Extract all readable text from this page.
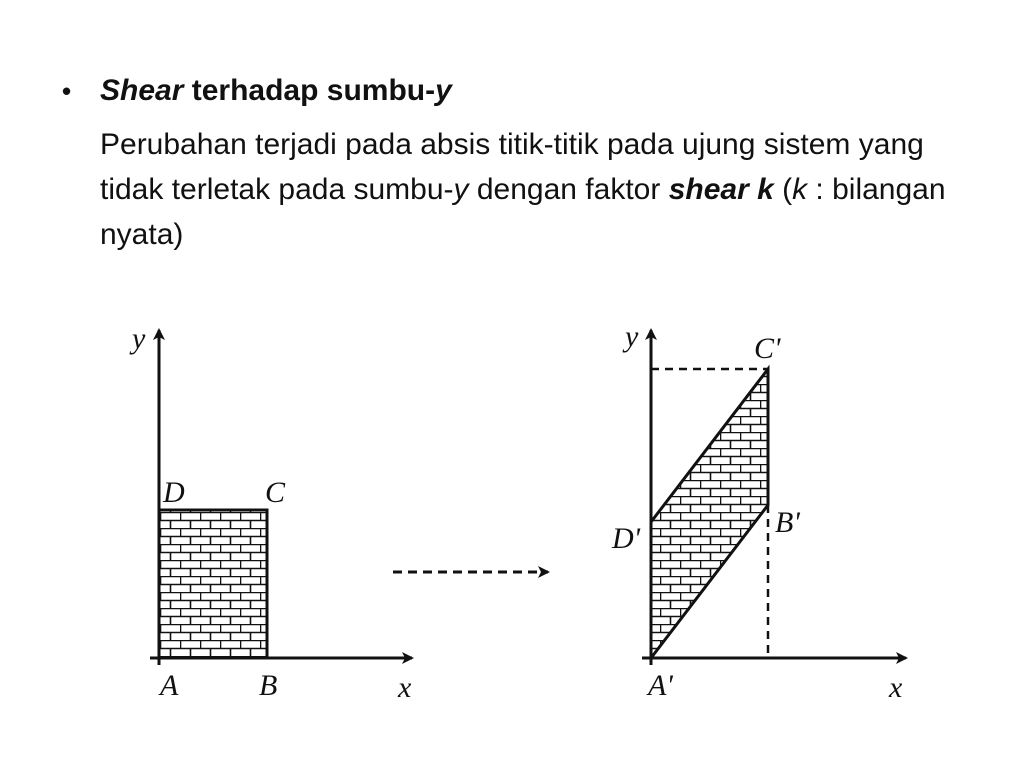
• Shear terhadap sumbu-y
Perubahan terjadi pada absis titik-titik pada ujung sistem yang tidak terletak pada sumbu-y dengan faktor shear k (k : bilangan nyata)
y
x
A	B
C
D
y
x
A'
B'
C'
D'
